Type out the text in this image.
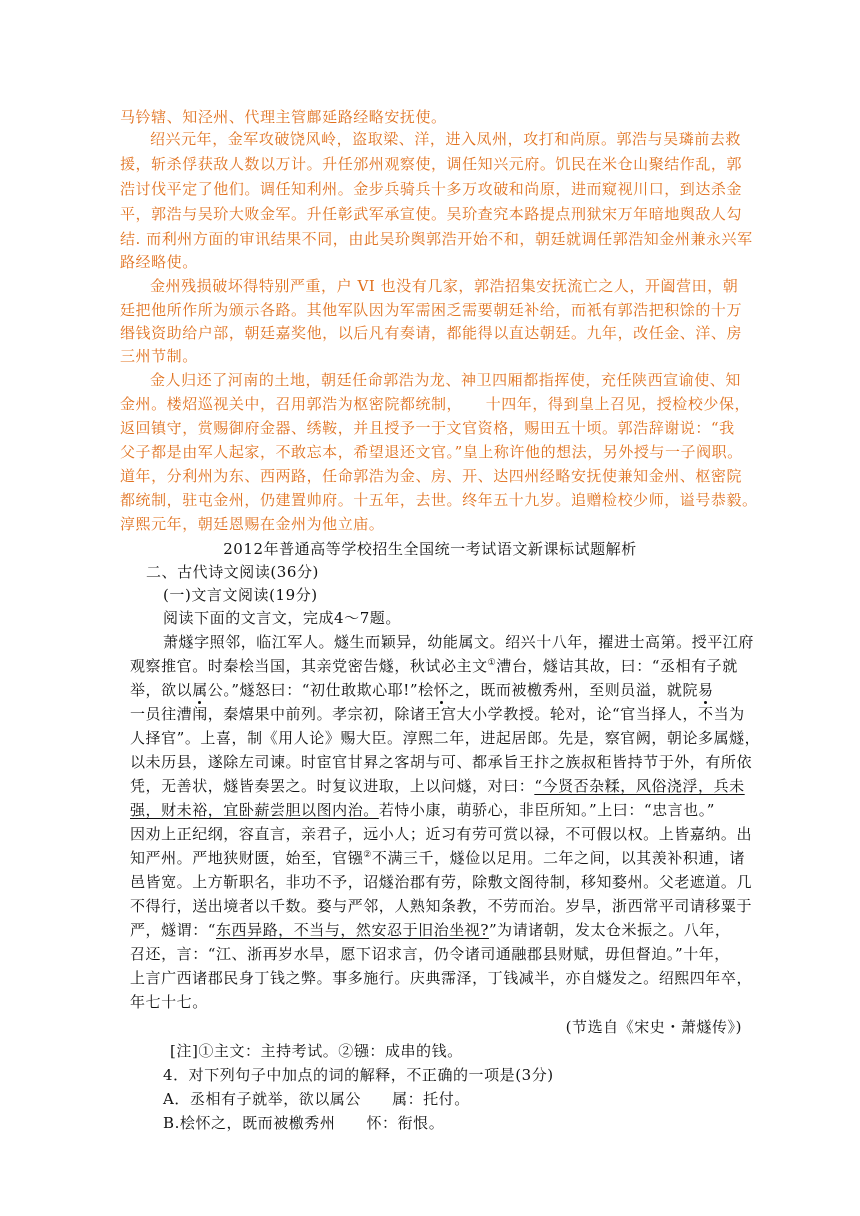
马钤辖、知泾州、代理主管鄜延路经略安抚使。
绍兴元年，金军攻破饶风岭，盗取梁、洋，进入凤州，攻打和尚原。郭浩与吴璘前去救
援，斩杀俘获敌人数以万计。升任邠州观察使，调任知兴元府。饥民在米仓山聚结作乱，郭
浩讨伐平定了他们。调任知利州。金步兵骑兵十多万攻破和尚原，进而窥视川口，到达杀金
平，郭浩与吴玠大败金军。升任彰武军承宣使。吴玠查究本路提点刑狱宋万年暗地舆敌人勾
结. 而利州方面的审讯结果不同，由此吴玠舆郭浩开始不和，朝廷就调任郭浩知金州兼永兴军
路经略使。
金州残损破坏得特别严重，户 VI 也没有几家，郭浩招集安抚流亡之人，开阖营田，朝
廷把他所作所为颁示各路。其他军队因为军需困乏需要朝廷补给，而衹有郭浩把积馀的十万
缗钱资助给户部，朝廷嘉奖他，以后凡有奏请，都能得以直达朝廷。九年，改任金、洋、房
三州节制。
金人归还了河南的土地，朝廷任命郭浩为龙、神卫四厢都指挥使，充任陕西宣谕使、知
金州。楼炤巡视关中，召用郭浩为枢密院都统制，　　十四年，得到皇上召见，授检校少保，
返回镇守，赏赐御府金器、绣鞍，并且授予一于文官资格，赐田五十顷。郭浩辞谢说：“我
父子都是由军人起家，不敢忘本，希望退还文官。”皇上称许他的想法，另外授与一子阀职。
道年，分利州为东、西两路，任命郭浩为金、房、开、达四州经略安抚使兼知金州、枢密院
都统制，驻屯金州，仍建置帅府。十五年，去世。终年五十九岁。追赠检校少师，谥号恭毅。
淳熙元年，朝廷恩赐在金州为他立庙。
2012年普通高等学校招生全国统一考试语文新课标试题解析
二、古代诗文阅读(36分)
(一)文言文阅读(19分)
阅读下面的文言文，完成4～7题。
萧燧字照邻，临江军人。燧生而颖异，幼能属文。绍兴十八年，擢进士高第。授平江府
观察推官。时秦桧当国，其亲党密告燧，秋试必主文①漕台，燧诘其故，曰：“丞相有子就
举，欲以属公。”燧怒曰：“初仕敢欺心耶!”桧怀之，既而被檄秀州，至则员溢，就院易
一员往漕闱，秦熺果中前列。孝宗初，除诸王宫大小学教授。轮对，论“官当择人，不当为
人择官”。上喜，制《用人论》赐大臣。淳熙二年，进起居郎。先是，察官阙，朝论多属燧，
以未历县，遂除左司谏。时宦官甘昪之客胡与可、都承旨王抃之族叔秬皆持节于外，有所依
凭，无善状，燧皆奏罢之。时复议进取，上以问燧，对曰：“今贤否杂糅，风俗浇浮，兵未
强，财未裕，宜卧薪尝胆以图内治。若恃小康，萌骄心，非臣所知。”上曰：“忠言也。”
因劝上正纪纲，容直言，亲君子，远小人；近习有劳可赏以禄，不可假以权。上皆嘉纳。出
知严州。严地狭财匮，始至，官镪②不满三千，燧俭以足用。二年之间，以其羡补积逋，诸
邑皆宽。上方靳职名，非功不予，诏燧治郡有劳，除敷文阁待制，移知婺州。父老遮道。几
不得行，送出境者以千数。婺与严邻，人熟知条教，不劳而治。岁旱，浙西常平司请移粟于
严，燧谓：“东西异路，不当与，然安忍于旧治坐视?”为请诸朝，发太仓米振之。八年，
召还，言：“江、浙再岁水旱，愿下诏求言，仍令诸司通融郡县财赋，毋但督迫。”十年，
上言广西诸郡民身丁钱之弊。事多施行。庆典霈泽，丁钱减半，亦自燧发之。绍熙四年卒，
年七十七。
(节选自《宋史・萧燧传》)
[注]①主文：主持考试。②镪：成串的钱。
4．对下列句子中加点的词的解释，不正确的一项是(3分)
A．丞相有子就举，欲以属公　　属：托付。
B.桧怀之，既而被檄秀州　　怀：衔恨。
